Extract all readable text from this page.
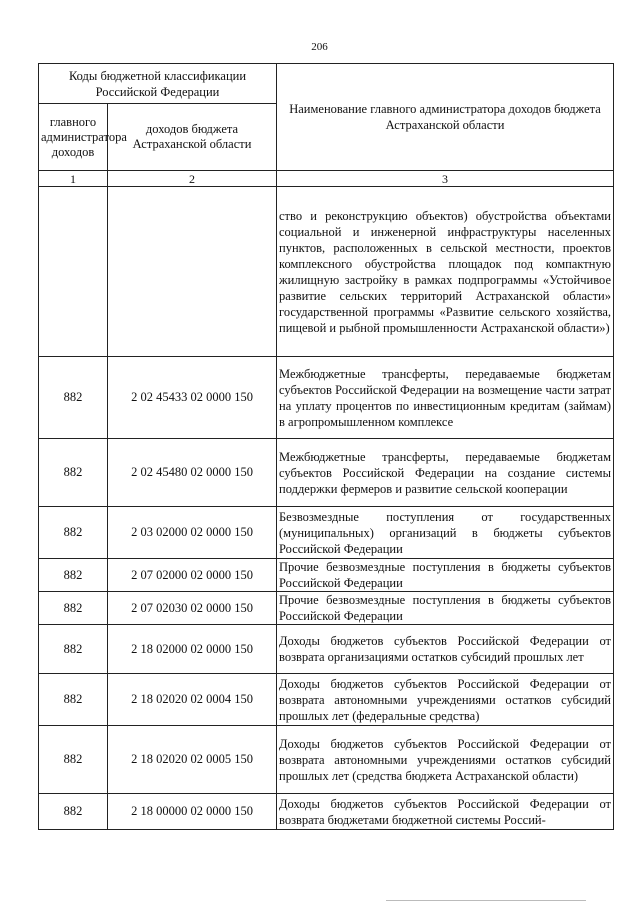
206
Коды бюджетной классификации Российской Федерации		Наименование главного администратора доходов бюджета Астраханской области
главного администратора доходов	доходов бюджета Астраханской области	
1	2	3
		ство и реконструкцию объектов) обустройства объектами социальной и инженерной инфраструктуры населенных пунктов, расположенных в сельской местности, проектов комплексного обустройства площадок под компактную жилищную застройку в рамках подпрограммы «Устойчивое развитие сельских территорий Астраханской области» государственной программы «Развитие сельского хозяйства, пищевой и рыбной промышленности Астраханской области»)
882	2 02 45433 02 0000 150	Межбюджетные трансферты, передаваемые бюджетам субъектов Российской Федерации на возмещение части затрат на уплату процентов по инвестиционным кредитам (займам) в агропромышленном комплексе
882	2 02 45480 02 0000 150	Межбюджетные трансферты, передаваемые бюджетам субъектов Российской Федерации на создание системы поддержки фермеров и развитие сельской кооперации
882	2 03 02000 02 0000 150	Безвозмездные поступления от государственных (муниципальных) организаций в бюджеты субъектов Российской Федерации
882	2 07 02000 02 0000 150	Прочие безвозмездные поступления в бюджеты субъектов Российской Федерации
882	2 07 02030 02 0000 150	Прочие безвозмездные поступления в бюджеты субъектов Российской Федерации
882	2 18 02000 02 0000 150	Доходы бюджетов субъектов Российской Федерации от возврата организациями остатков субсидий прошлых лет
882	2 18 02020 02 0004 150	Доходы бюджетов субъектов Российской Федерации от возврата автономными учреждениями остатков субсидий прошлых лет (федеральные средства)
882	2 18 02020 02 0005 150	Доходы бюджетов субъектов Российской Федерации от возврата автономными учреждениями остатков субсидий прошлых лет (средства бюджета Астраханской области)
882	2 18 00000 02 0000 150	Доходы бюджетов субъектов Российской Федерации от возврата бюджетами бюджетной системы Россий-
